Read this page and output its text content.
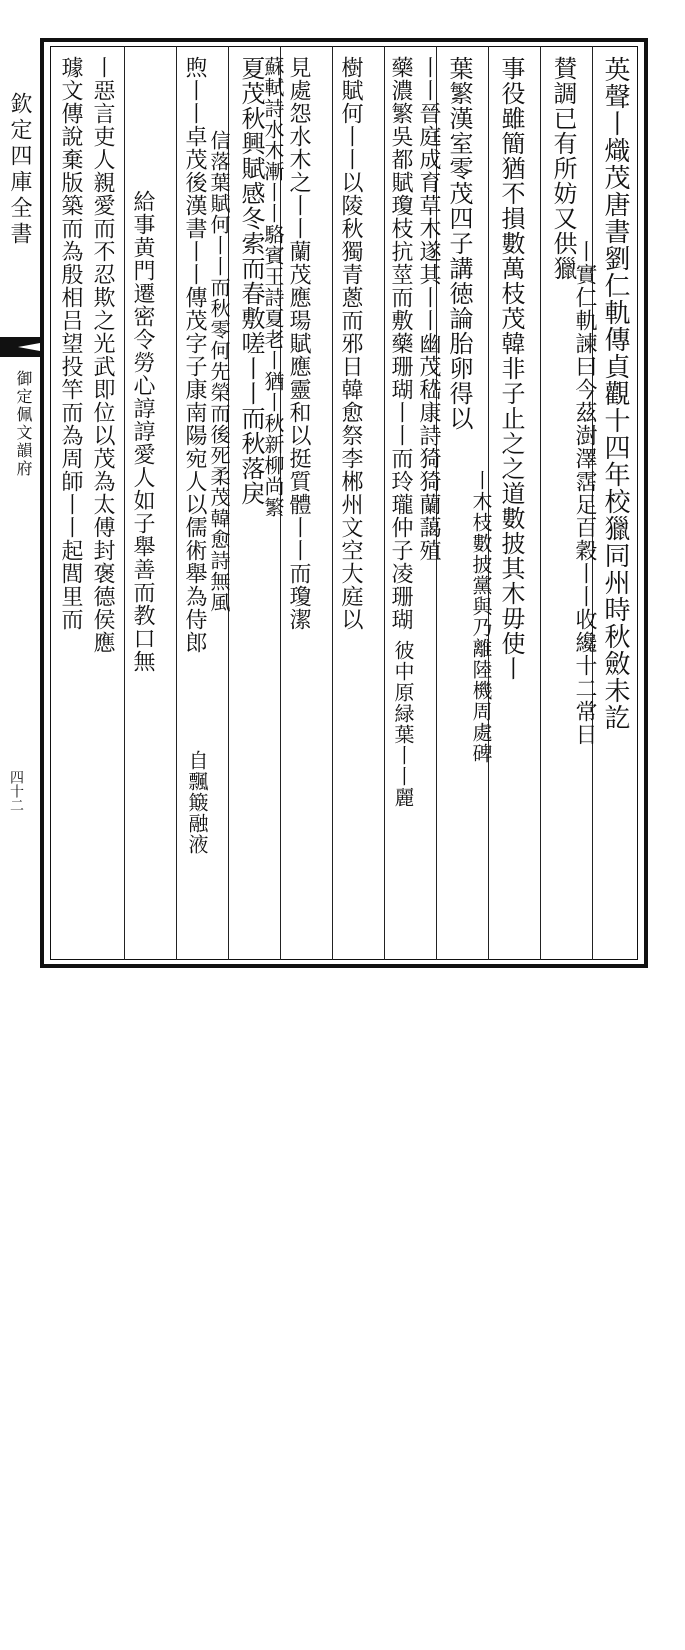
欽定四庫全書
御定佩文韻府
四十二
英聲丨熾茂唐書劉仁軌傳貞觀十四年校獵同州時秋斂未訖
丨實仁軌諫曰今茲澍澤霑足百穀丨丨收纔十二常日
賛調已有所妨又供獵
事役雖簡猶不損數萬枝茂韓非子止之之道數披其木毋使丨
丨木枝數披黨與乃離陸機周處碑
葉繁漢室零茂四子講徳論胎卵得以
丨丨晉庭成育草木遂其丨丨幽茂嵇康詩猗猗蘭藹殖
彼中原緑葉丨丨麗
樹賦何丨丨以陵秋獨青蔥而邪日韓愈祭李郴州文空大庭以 藥濃繁吳都賦瓊枝抗莖而敷藥珊瑚丨丨而玲瓏仲子凌珊瑚
見處怨水木之丨丨蘭茂應瑒賦應靈和以挺質體丨丨而瓊潔
蘇軾詩水木漸丨丨駱賓王詩夏老丨猶丨秋新柳尚繁
夏茂秋興賦感冬索而春敷嗟丨丨而秋落戾
信落葉賦何丨丨而秋零何先榮而後死柔茂韓愈詩無風
自飄簸融液
煦丨丨卓茂後漢書丨丨傳茂字子康南陽宛人以儒術舉為侍郎
給事黄門遷密令勞心諄諄愛人如子舉善而教口無
丨惡言吏人親愛而不忍欺之光武即位以茂為太傅封褒德侯應
璩文傳說棄版築而為殷相吕望投竿而為周師丨丨起閭里而
